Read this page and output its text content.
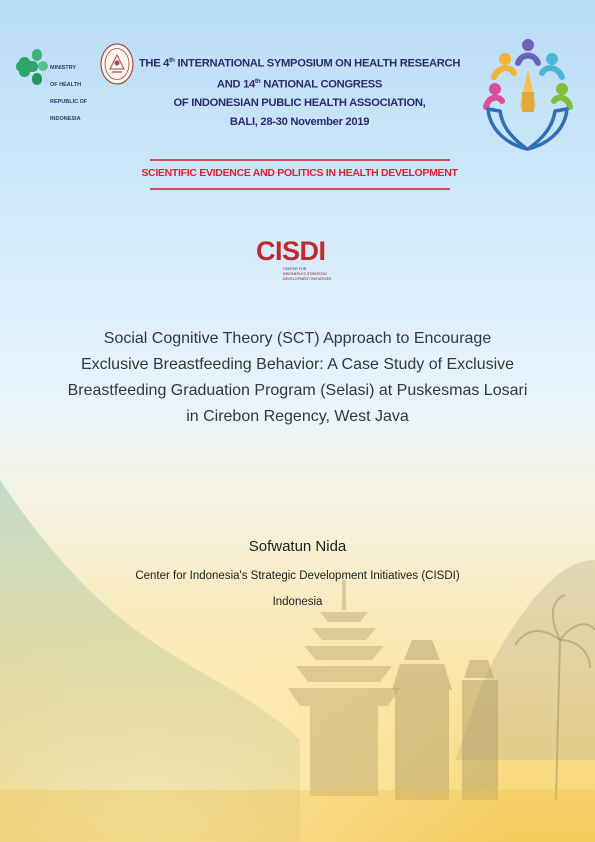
MINISTRY

OF HEALTH

REPUBLIC OF

INDONESIA

THE 4th INTERNATIONAL SYMPOSIUM ON HEALTH RESEARCH
AND 14th NATIONAL CONGRESS
OF INDONESIAN PUBLIC HEALTH ASSOCIATION,
BALI, 28-30 November 2019
SCIENTIFIC EVIDENCE AND POLITICS IN HEALTH DEVELOPMENT
CISDI
CENTER FOR
INDONESIA'S STRATEGIC
DEVELOPMENT INITIATIVES
Social Cognitive Theory (SCT) Approach to Encourage
Exclusive Breastfeeding Behavior: A Case Study of Exclusive
Breastfeeding Graduation Program (Selasi) at Puskesmas Losari
in Cirebon Regency, West Java
Sofwatun Nida
Center for Indonesia's Strategic Development Initiatives (CISDI)
Indonesia
